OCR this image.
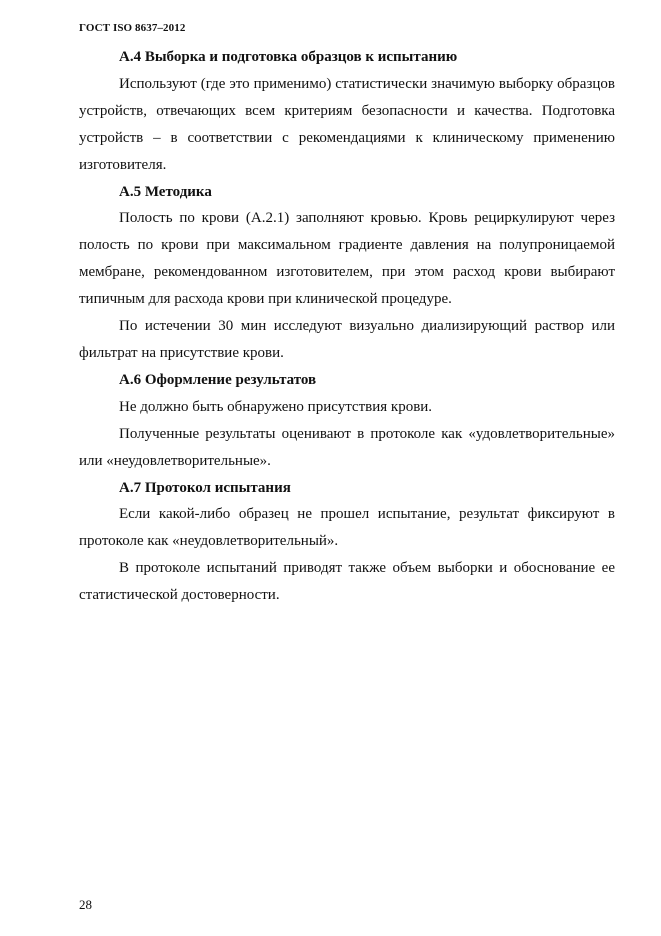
ГОСТ ISO 8637–2012
А.4 Выборка и подготовка образцов к испытанию

Используют (где это применимо) статистически значимую выборку образцов устройств, отвечающих всем критериям безопасности и качества. Подготовка устройств – в соответствии с рекомендациями к клиническому применению изготовителя.

А.5 Методика

Полость по крови (А.2.1) заполняют кровью. Кровь рециркулируют через полость по крови при максимальном градиенте давления на полупроницаемой мембране, рекомендованном изготовителем, при этом расход крови выбирают типичным для расхода крови при клинической процедуре.

По истечении 30 мин исследуют визуально диализирующий раствор или фильтрат на присутствие крови.

А.6 Оформление результатов

Не должно быть обнаружено присутствия крови.

Полученные результаты оценивают в протоколе как «удовлетворительные» или «неудовлетворительные».

А.7 Протокол испытания

Если какой-либо образец не прошел испытание, результат фиксируют в протоколе как «неудовлетворительный».

В протоколе испытаний приводят также объем выборки и обоснование ее статистической достоверности.

28
